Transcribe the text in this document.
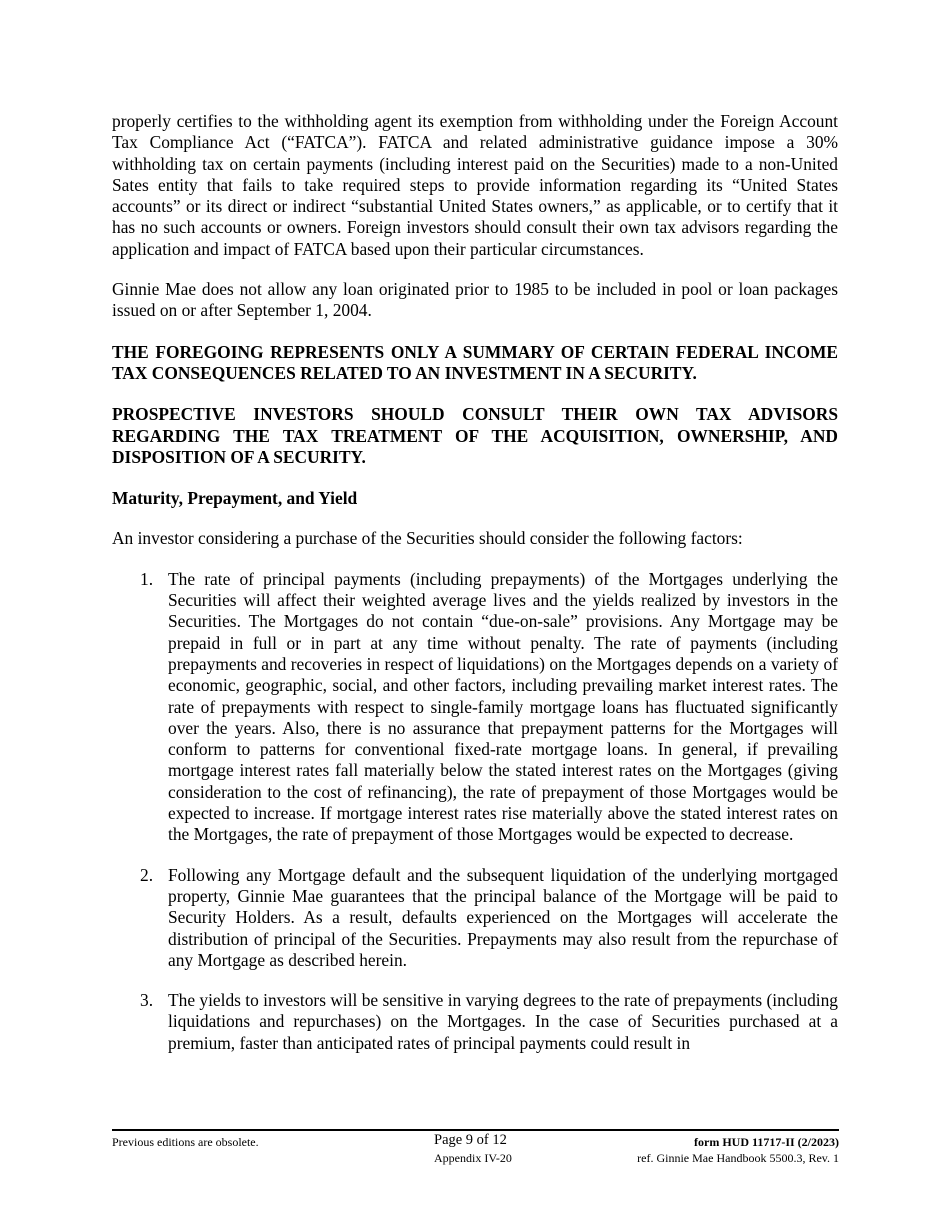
properly certifies to the withholding agent its exemption from withholding under the Foreign Account Tax Compliance Act (“FATCA”). FATCA and related administrative guidance impose a 30% withholding tax on certain payments (including interest paid on the Securities) made to a non-United Sates entity that fails to take required steps to provide information regarding its “United States accounts” or its direct or indirect “substantial United States owners,” as applicable, or to certify that it has no such accounts or owners. Foreign investors should consult their own tax advisors regarding the application and impact of FATCA based upon their particular circumstances.

Ginnie Mae does not allow any loan originated prior to 1985 to be included in pool or loan packages issued on or after September 1, 2004.

THE FOREGOING REPRESENTS ONLY A SUMMARY OF CERTAIN FEDERAL INCOME TAX CONSEQUENCES RELATED TO AN INVESTMENT IN A SECURITY.

PROSPECTIVE INVESTORS SHOULD CONSULT THEIR OWN TAX ADVISORS REGARDING THE TAX TREATMENT OF THE ACQUISITION, OWNERSHIP, AND DISPOSITION OF A SECURITY.

Maturity, Prepayment, and Yield

An investor considering a purchase of the Securities should consider the following factors:

1. The rate of principal payments (including prepayments) of the Mortgages underlying the Securities will affect their weighted average lives and the yields realized by investors in the Securities. The Mortgages do not contain “due-on-sale” provisions. Any Mortgage may be prepaid in full or in part at any time without penalty. The rate of payments (including prepayments and recoveries in respect of liquidations) on the Mortgages depends on a variety of economic, geographic, social, and other factors, including prevailing market interest rates. The rate of prepayments with respect to single-family mortgage loans has fluctuated significantly over the years. Also, there is no assurance that prepayment patterns for the Mortgages will conform to patterns for conventional fixed-rate mortgage loans. In general, if prevailing mortgage interest rates fall materially below the stated interest rates on the Mortgages (giving consideration to the cost of refinancing), the rate of prepayment of those Mortgages would be expected to increase. If mortgage interest rates rise materially above the stated interest rates on the Mortgages, the rate of prepayment of those Mortgages would be expected to decrease.

2. Following any Mortgage default and the subsequent liquidation of the underlying mortgaged property, Ginnie Mae guarantees that the principal balance of the Mortgage will be paid to Security Holders. As a result, defaults experienced on the Mortgages will accelerate the distribution of principal of the Securities. Prepayments may also result from the repurchase of any Mortgage as described herein.

3. The yields to investors will be sensitive in varying degrees to the rate of prepayments (including liquidations and repurchases) on the Mortgages. In the case of Securities purchased at a premium, faster than anticipated rates of principal payments could result in

Previous editions are obsolete.	Page 9 of 12
Appendix IV-20
form HUD 11717-II (2/2023)
ref. Ginnie Mae Handbook 5500.3, Rev. 1
